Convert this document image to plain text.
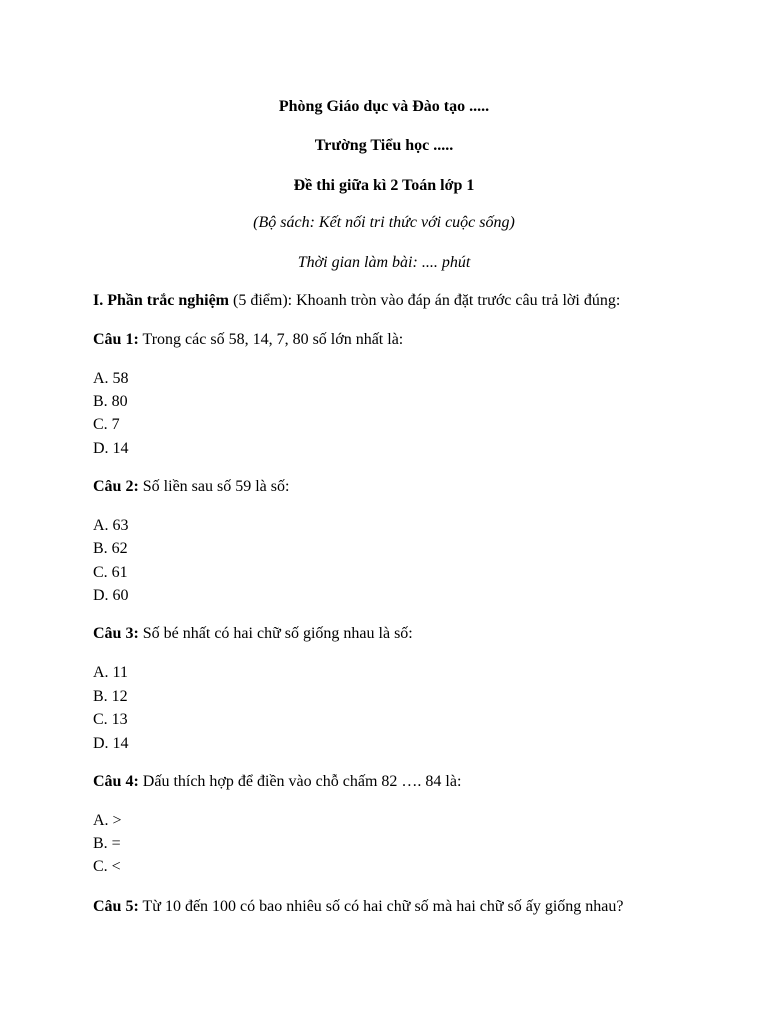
Phòng Giáo dục và Đào tạo .....
Trường Tiểu học .....
Đề thi giữa kì 2 Toán lớp 1
(Bộ sách: Kết nối tri thức với cuộc sống)
Thời gian làm bài: .... phút
I. Phần trắc nghiệm (5 điểm): Khoanh tròn vào đáp án đặt trước câu trả lời đúng:
Câu 1: Trong các số 58, 14, 7, 80 số lớn nhất là:
A. 58
B. 80
C. 7
D. 14
Câu 2: Số liền sau số 59 là số:
A. 63
B. 62
C. 61
D. 60
Câu 3: Số bé nhất có hai chữ số giống nhau là số:
A. 11
B. 12
C. 13
D. 14
Câu 4: Dấu thích hợp để điền vào chỗ chấm 82 …. 84 là:
A. >
B. =
C. <
Câu 5: Từ 10 đến 100 có bao nhiêu số có hai chữ số mà hai chữ số ấy giống nhau?
